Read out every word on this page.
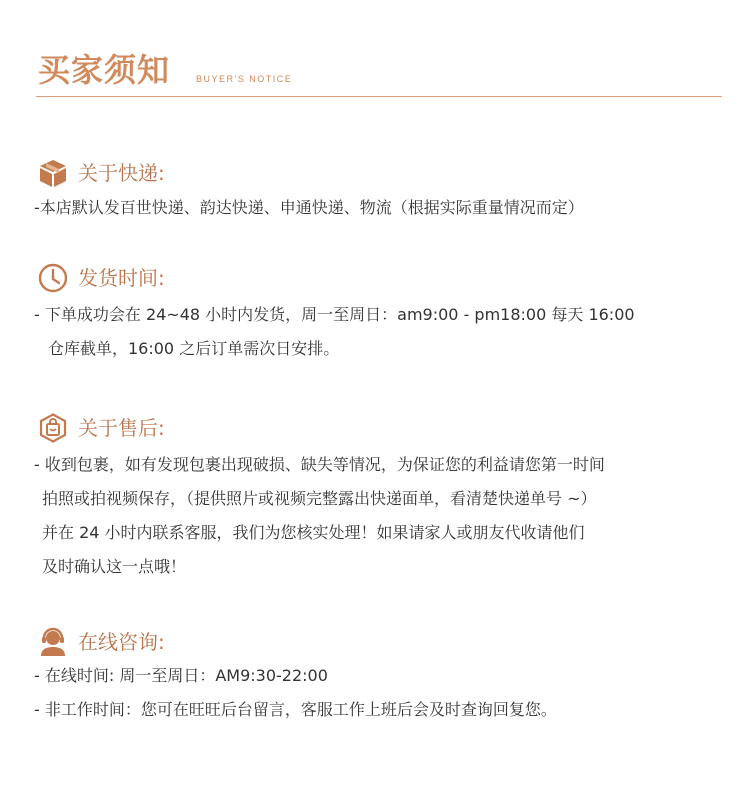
买家须知	BUYER'S NOTICE
关于快递:
-本店默认发百世快递、韵达快递、申通快递、物流（根据实际重量情况而定）
发货时间:
- 下单成功会在 24~48 小时内发货，周一至周日：am9:00 - pm18:00 每天 16:00
仓库截单，16:00 之后订单需次日安排。
关于售后:
- 收到包裹，如有发现包裹出现破损、缺失等情况，为保证您的利益请您第一时间
拍照或拍视频保存，（提供照片或视频完整露出快递面单，看清楚快递单号 ~）
并在 24 小时内联系客服，我们为您核实处理！如果请家人或朋友代收请他们
及时确认这一点哦！
在线咨询:
- 在线时间: 周一至周日：AM9:30-22:00
- 非工作时间：您可在旺旺后台留言，客服工作上班后会及时查询回复您。
